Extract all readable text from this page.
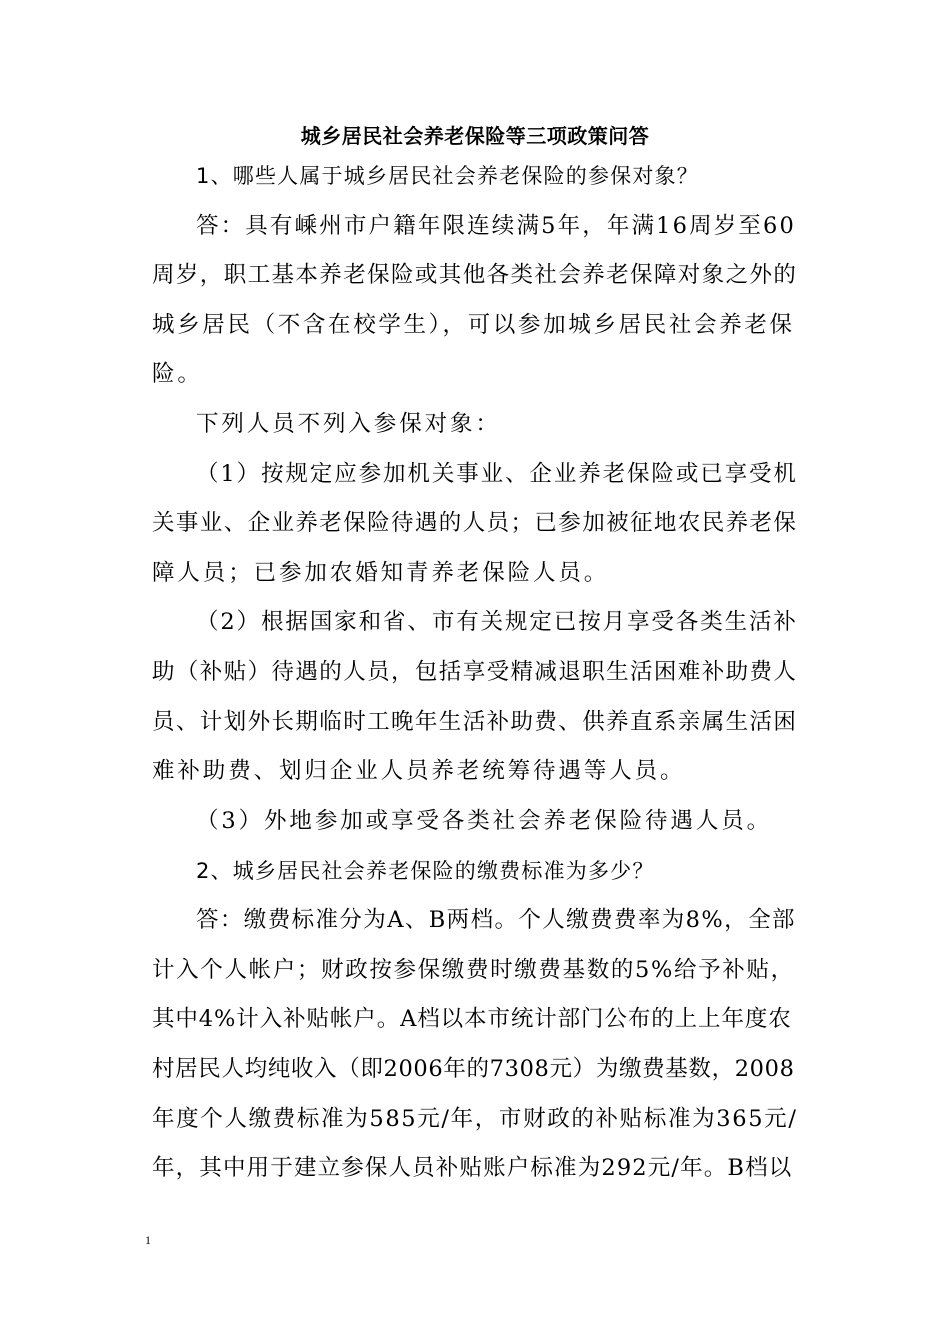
城乡居民社会养老保险等三项政策问答
1、哪些人属于城乡居民社会养老保险的参保对象？
答：具有嵊州市户籍年限连续满5年，年满16周岁至60
周岁，职工基本养老保险或其他各类社会养老保障对象之外的
城乡居民（不含在校学生），可以参加城乡居民社会养老保
险。
下列人员不列入参保对象：
（1）按规定应参加机关事业、企业养老保险或已享受机
关事业、企业养老保险待遇的人员；已参加被征地农民养老保
障人员；已参加农婚知青养老保险人员。
（2）根据国家和省、市有关规定已按月享受各类生活补
助（补贴）待遇的人员，包括享受精减退职生活困难补助费人
员、计划外长期临时工晚年生活补助费、供养直系亲属生活困
难补助费、划归企业人员养老统筹待遇等人员。
（3）外地参加或享受各类社会养老保险待遇人员。
2、城乡居民社会养老保险的缴费标准为多少？
答：缴费标准分为A、B两档。个人缴费费率为8%，全部
计入个人帐户；财政按参保缴费时缴费基数的5%给予补贴，
其中4%计入补贴帐户。A档以本市统计部门公布的上上年度农
村居民人均纯收入（即2006年的7308元）为缴费基数，2008
年度个人缴费标准为585元/年，市财政的补贴标准为365元/
年，其中用于建立参保人员补贴账户标准为292元/年。B档以
1
